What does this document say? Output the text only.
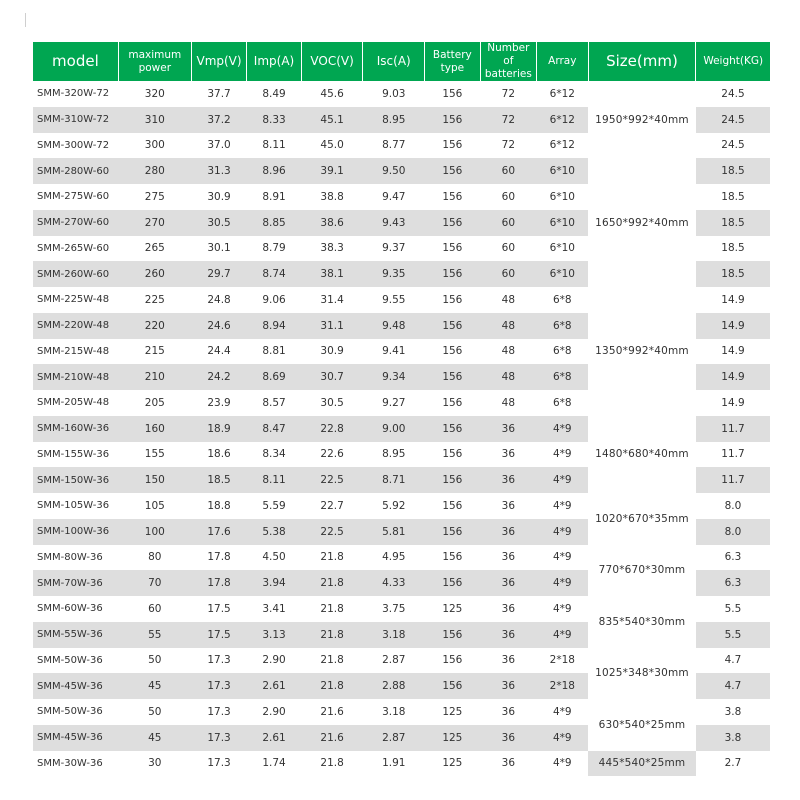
model	maximum power	Vmp(V)	Imp(A)	VOC(V)	Isc(A)	Battery type	Number of batteries	Array	Size(mm)	Weight(KG)
SMM-320W-72	320	37.7	8.49	45.6	9.03	156	72	6*12	1950*992*40mm	24.5
SMM-310W-72	310	37.2	8.33	45.1	8.95	156	72	6*12		24.5
SMM-300W-72	300	37.0	8.11	45.0	8.77	156	72	6*12		24.5
SMM-280W-60	280	31.3	8.96	39.1	9.50	156	60	6*10	1650*992*40mm	18.5
SMM-275W-60	275	30.9	8.91	38.8	9.47	156	60	6*10		18.5
SMM-270W-60	270	30.5	8.85	38.6	9.43	156	60	6*10		18.5
SMM-265W-60	265	30.1	8.79	38.3	9.37	156	60	6*10		18.5
SMM-260W-60	260	29.7	8.74	38.1	9.35	156	60	6*10		18.5
SMM-225W-48	225	24.8	9.06	31.4	9.55	156	48	6*8	1350*992*40mm	14.9
SMM-220W-48	220	24.6	8.94	31.1	9.48	156	48	6*8		14.9
SMM-215W-48	215	24.4	8.81	30.9	9.41	156	48	6*8		14.9
SMM-210W-48	210	24.2	8.69	30.7	9.34	156	48	6*8		14.9
SMM-205W-48	205	23.9	8.57	30.5	9.27	156	48	6*8		14.9
SMM-160W-36	160	18.9	8.47	22.8	9.00	156	36	4*9	1480*680*40mm	11.7
SMM-155W-36	155	18.6	8.34	22.6	8.95	156	36	4*9		11.7
SMM-150W-36	150	18.5	8.11	22.5	8.71	156	36	4*9		11.7
SMM-105W-36	105	18.8	5.59	22.7	5.92	156	36	4*9	1020*670*35mm	8.0
SMM-100W-36	100	17.6	5.38	22.5	5.81	156	36	4*9		8.0
SMM-80W-36	80	17.8	4.50	21.8	4.95	156	36	4*9	770*670*30mm	6.3
SMM-70W-36	70	17.8	3.94	21.8	4.33	156	36	4*9		6.3
SMM-60W-36	60	17.5	3.41	21.8	3.75	125	36	4*9	835*540*30mm	5.5
SMM-55W-36	55	17.5	3.13	21.8	3.18	156	36	4*9		5.5
SMM-50W-36	50	17.3	2.90	21.8	2.87	156	36	2*18	1025*348*30mm	4.7
SMM-45W-36	45	17.3	2.61	21.8	2.88	156	36	2*18		4.7
SMM-50W-36	50	17.3	2.90	21.6	3.18	125	36	4*9	630*540*25mm	3.8
SMM-45W-36	45	17.3	2.61	21.6	2.87	125	36	4*9		3.8
SMM-30W-36	30	17.3	1.74	21.8	1.91	125	36	4*9	445*540*25mm	2.7
